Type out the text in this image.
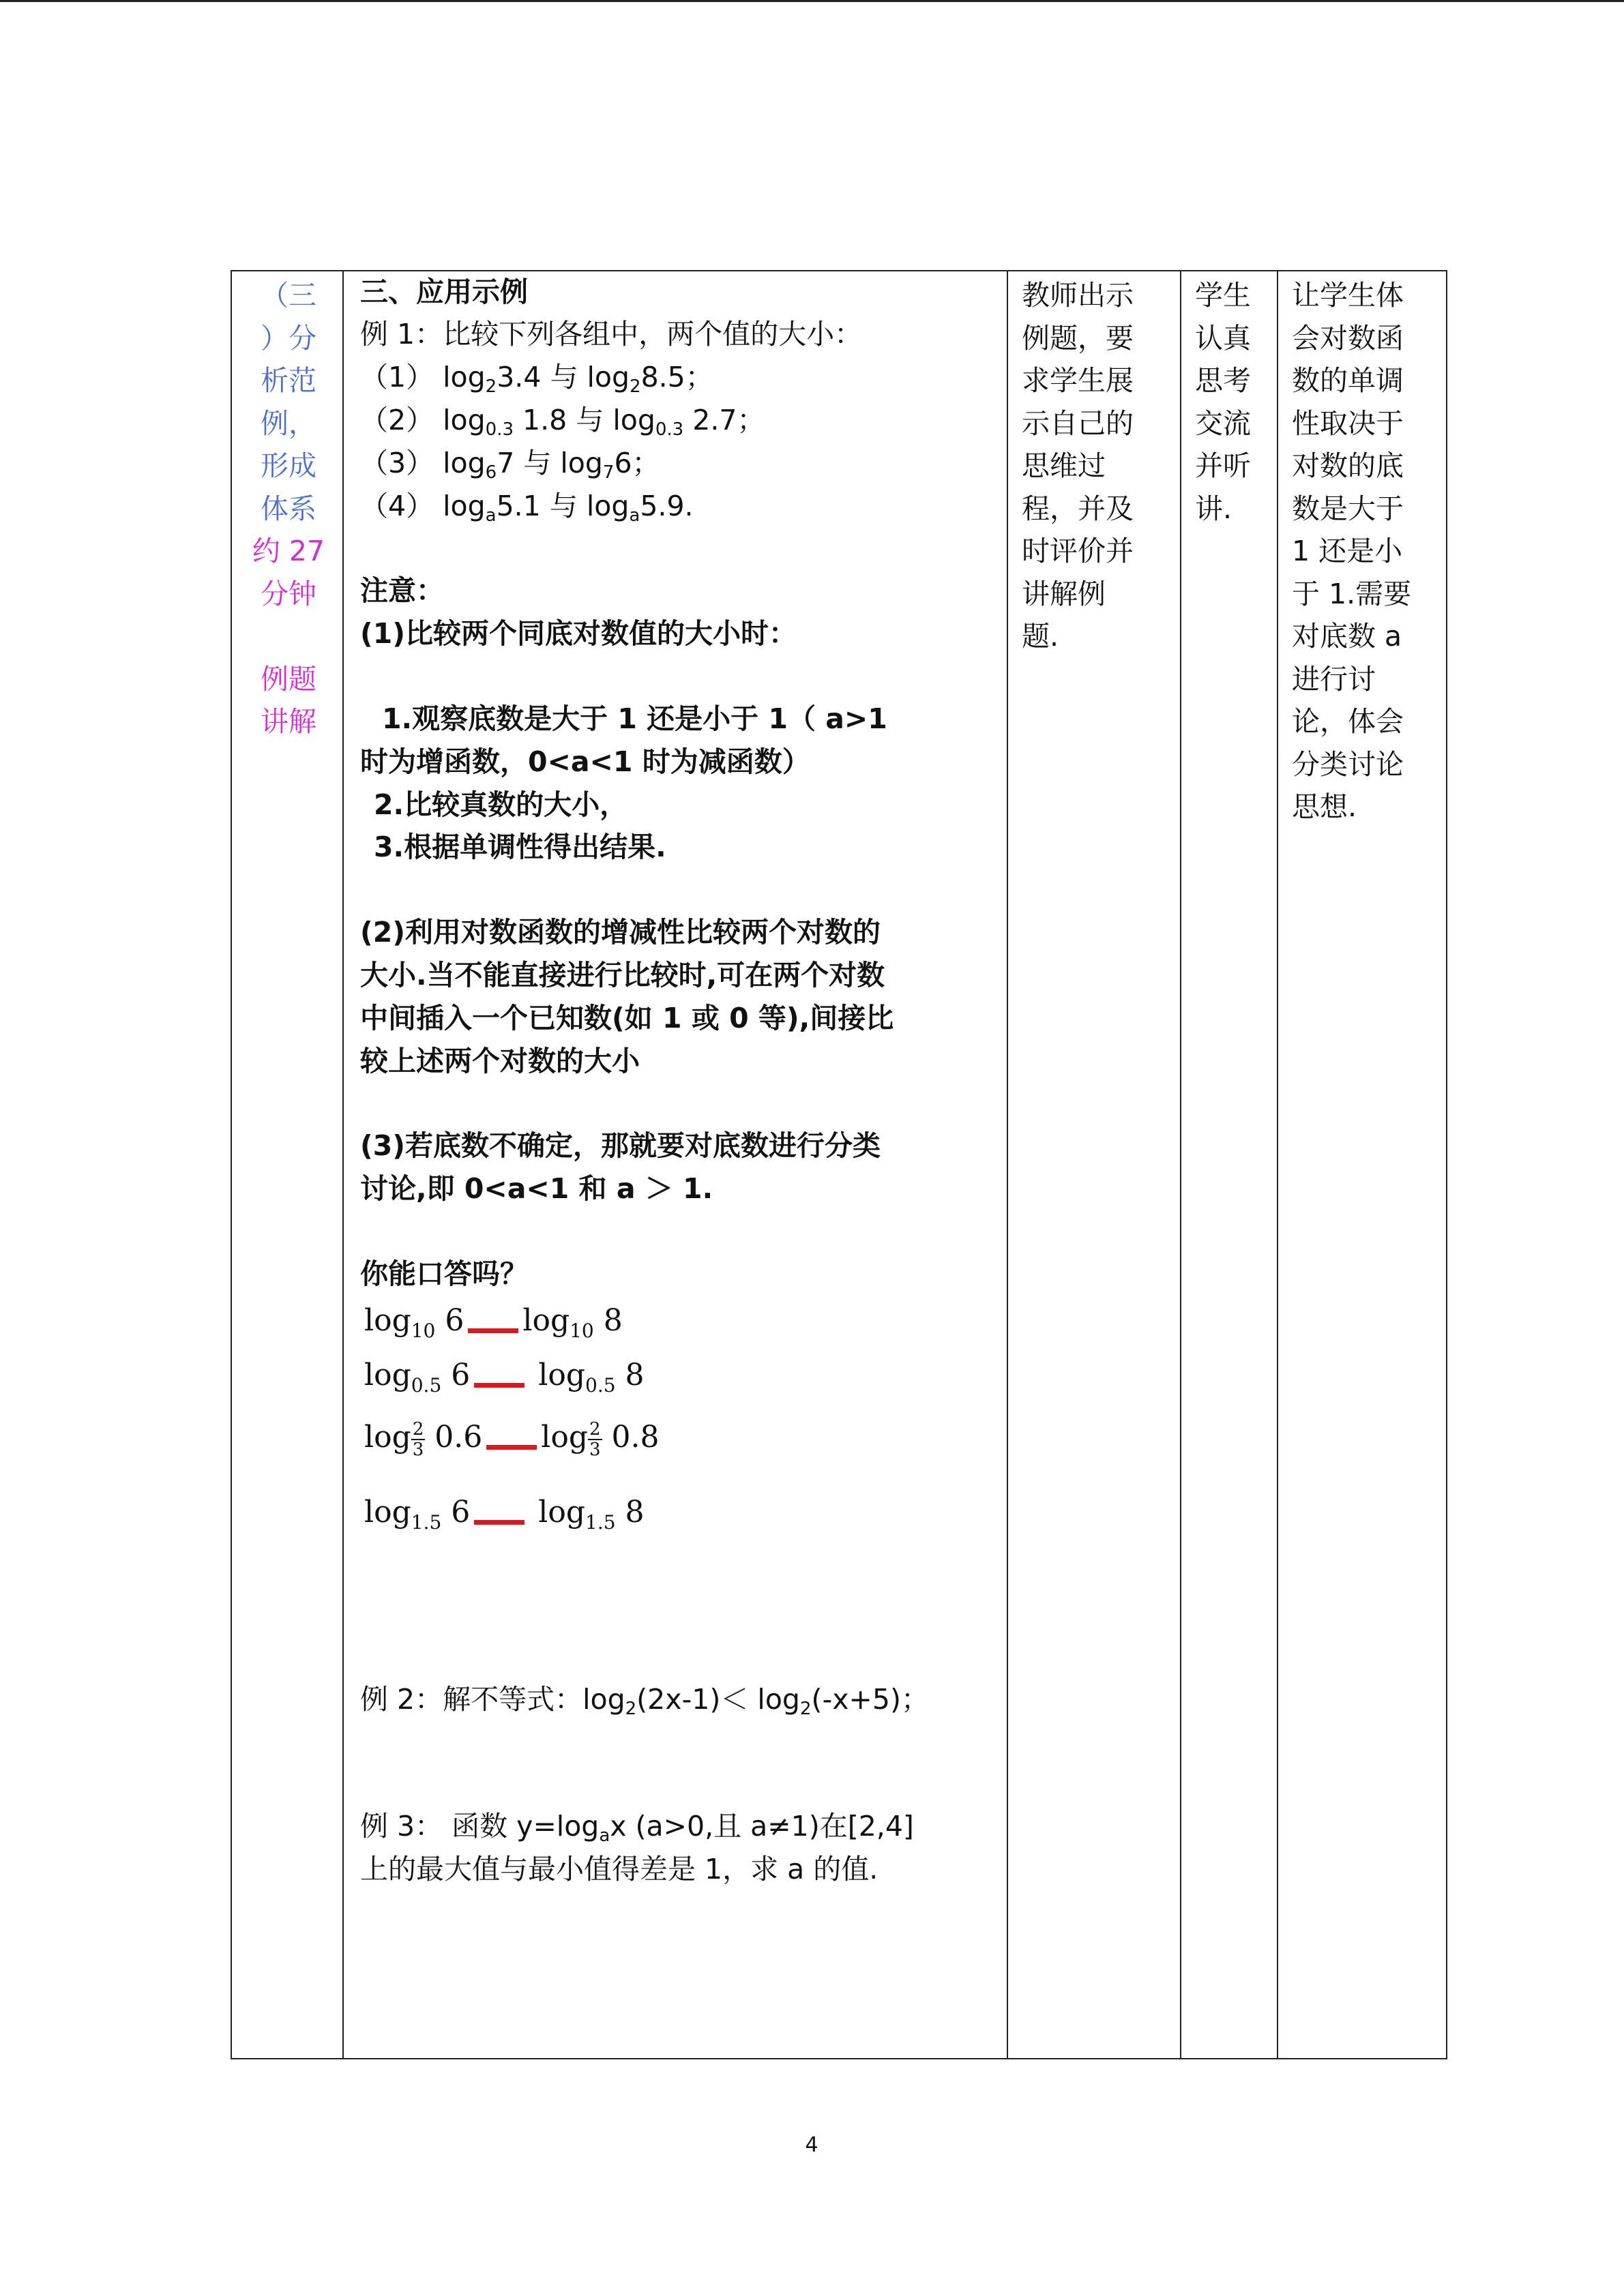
（三
）分
析范
例，
形成
体系
约 27
分钟
例题
讲解
三、应用示例
例 1：比较下列各组中，两个值的大小：
（1） log23.4 与 log28.5；
（2） log0.3 1.8 与 log0.3 2.7；
（3） log67 与 log76；
（4） loga5.1 与 loga5.9.
注意：
(1)比较两个同底对数值的大小时：
1.观察底数是大于 1 还是小于 1（ a>1
时为增函数，0<a<1 时为减函数）
2.比较真数的大小，
3.根据单调性得出结果.
(2)利用对数函数的增减性比较两个对数的
大小.当不能直接进行比较时,可在两个对数
中间插入一个已知数(如 1 或 0 等),间接比
较上述两个对数的大小
(3)若底数不确定，那就要对底数进行分类
讨论,即 0<a<1 和 a ＞ 1.
你能口答吗？
$\log_{10} 6$ $\log_{10} 8$
$\log_{0.5} 6$ $\log_{0.5} 8$
$\log \frac{2}{3} 0.6$ $\log \frac{2}{3} 0.8$
$\log_{1.5} 6$ $\log_{1.5} 8$
例 2：解不等式：log2(2x-1)＜ log2(-x+5)；
例 3： 函数 y=logax (a>0,且 a≠1)在[2,4]
上的最大值与最小值得差是 1，求 a 的值.
教师出示
例题，要
求学生展
示自己的
思维过
程，并及
时评价并
讲解例
题.
学生
认真
思考
交流
并听
讲.
让学生体
会对数函
数的单调
性取决于
对数的底
数是大于
1 还是小
于 1.需要
对底数 a
进行讨
论，体会
分类讨论
思想.
4
